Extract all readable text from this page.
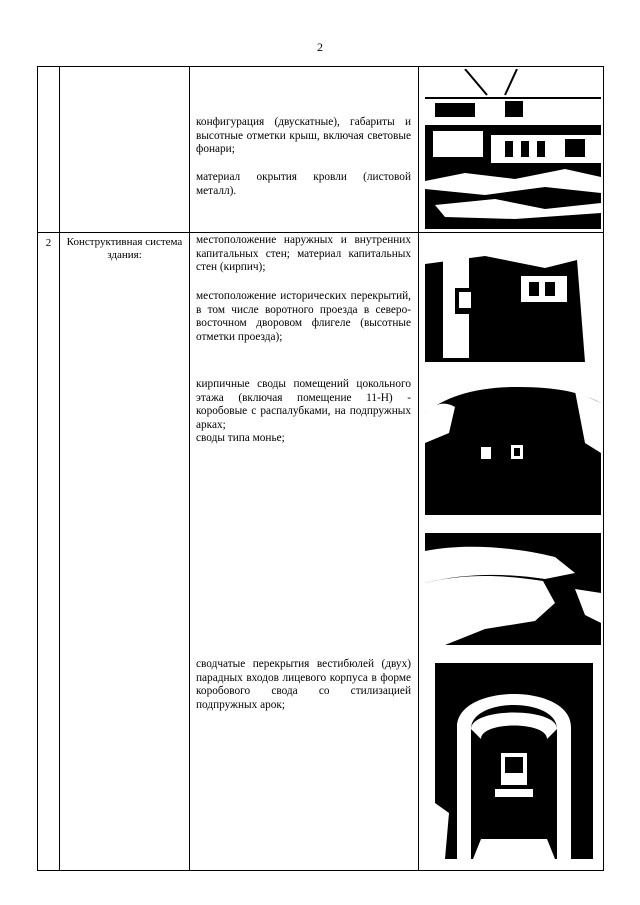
2

		конфигурация (двускатные), габариты и высотные отметки крыш, включая световые фонари;
материал окрытия кровли (листовой металл).

2	Конструктивная система здания:	местоположение наружных и внутренних капитальных стен; материал капитальных стен (кирпич);
местоположение исторических перекрытий, в том числе воротного проезда в северо-восточном дворовом флигеле (высотные отметки проезда);
кирпичные своды помещений цокольного этажа (включая помещение 11-Н) - коробовые с распалубками, на подпружных арках;
своды типа монье;
сводчатые перекрытия вестибюлей (двух) парадных входов лицевого корпуса в форме коробового свода со стилизацией подпружных арок;
